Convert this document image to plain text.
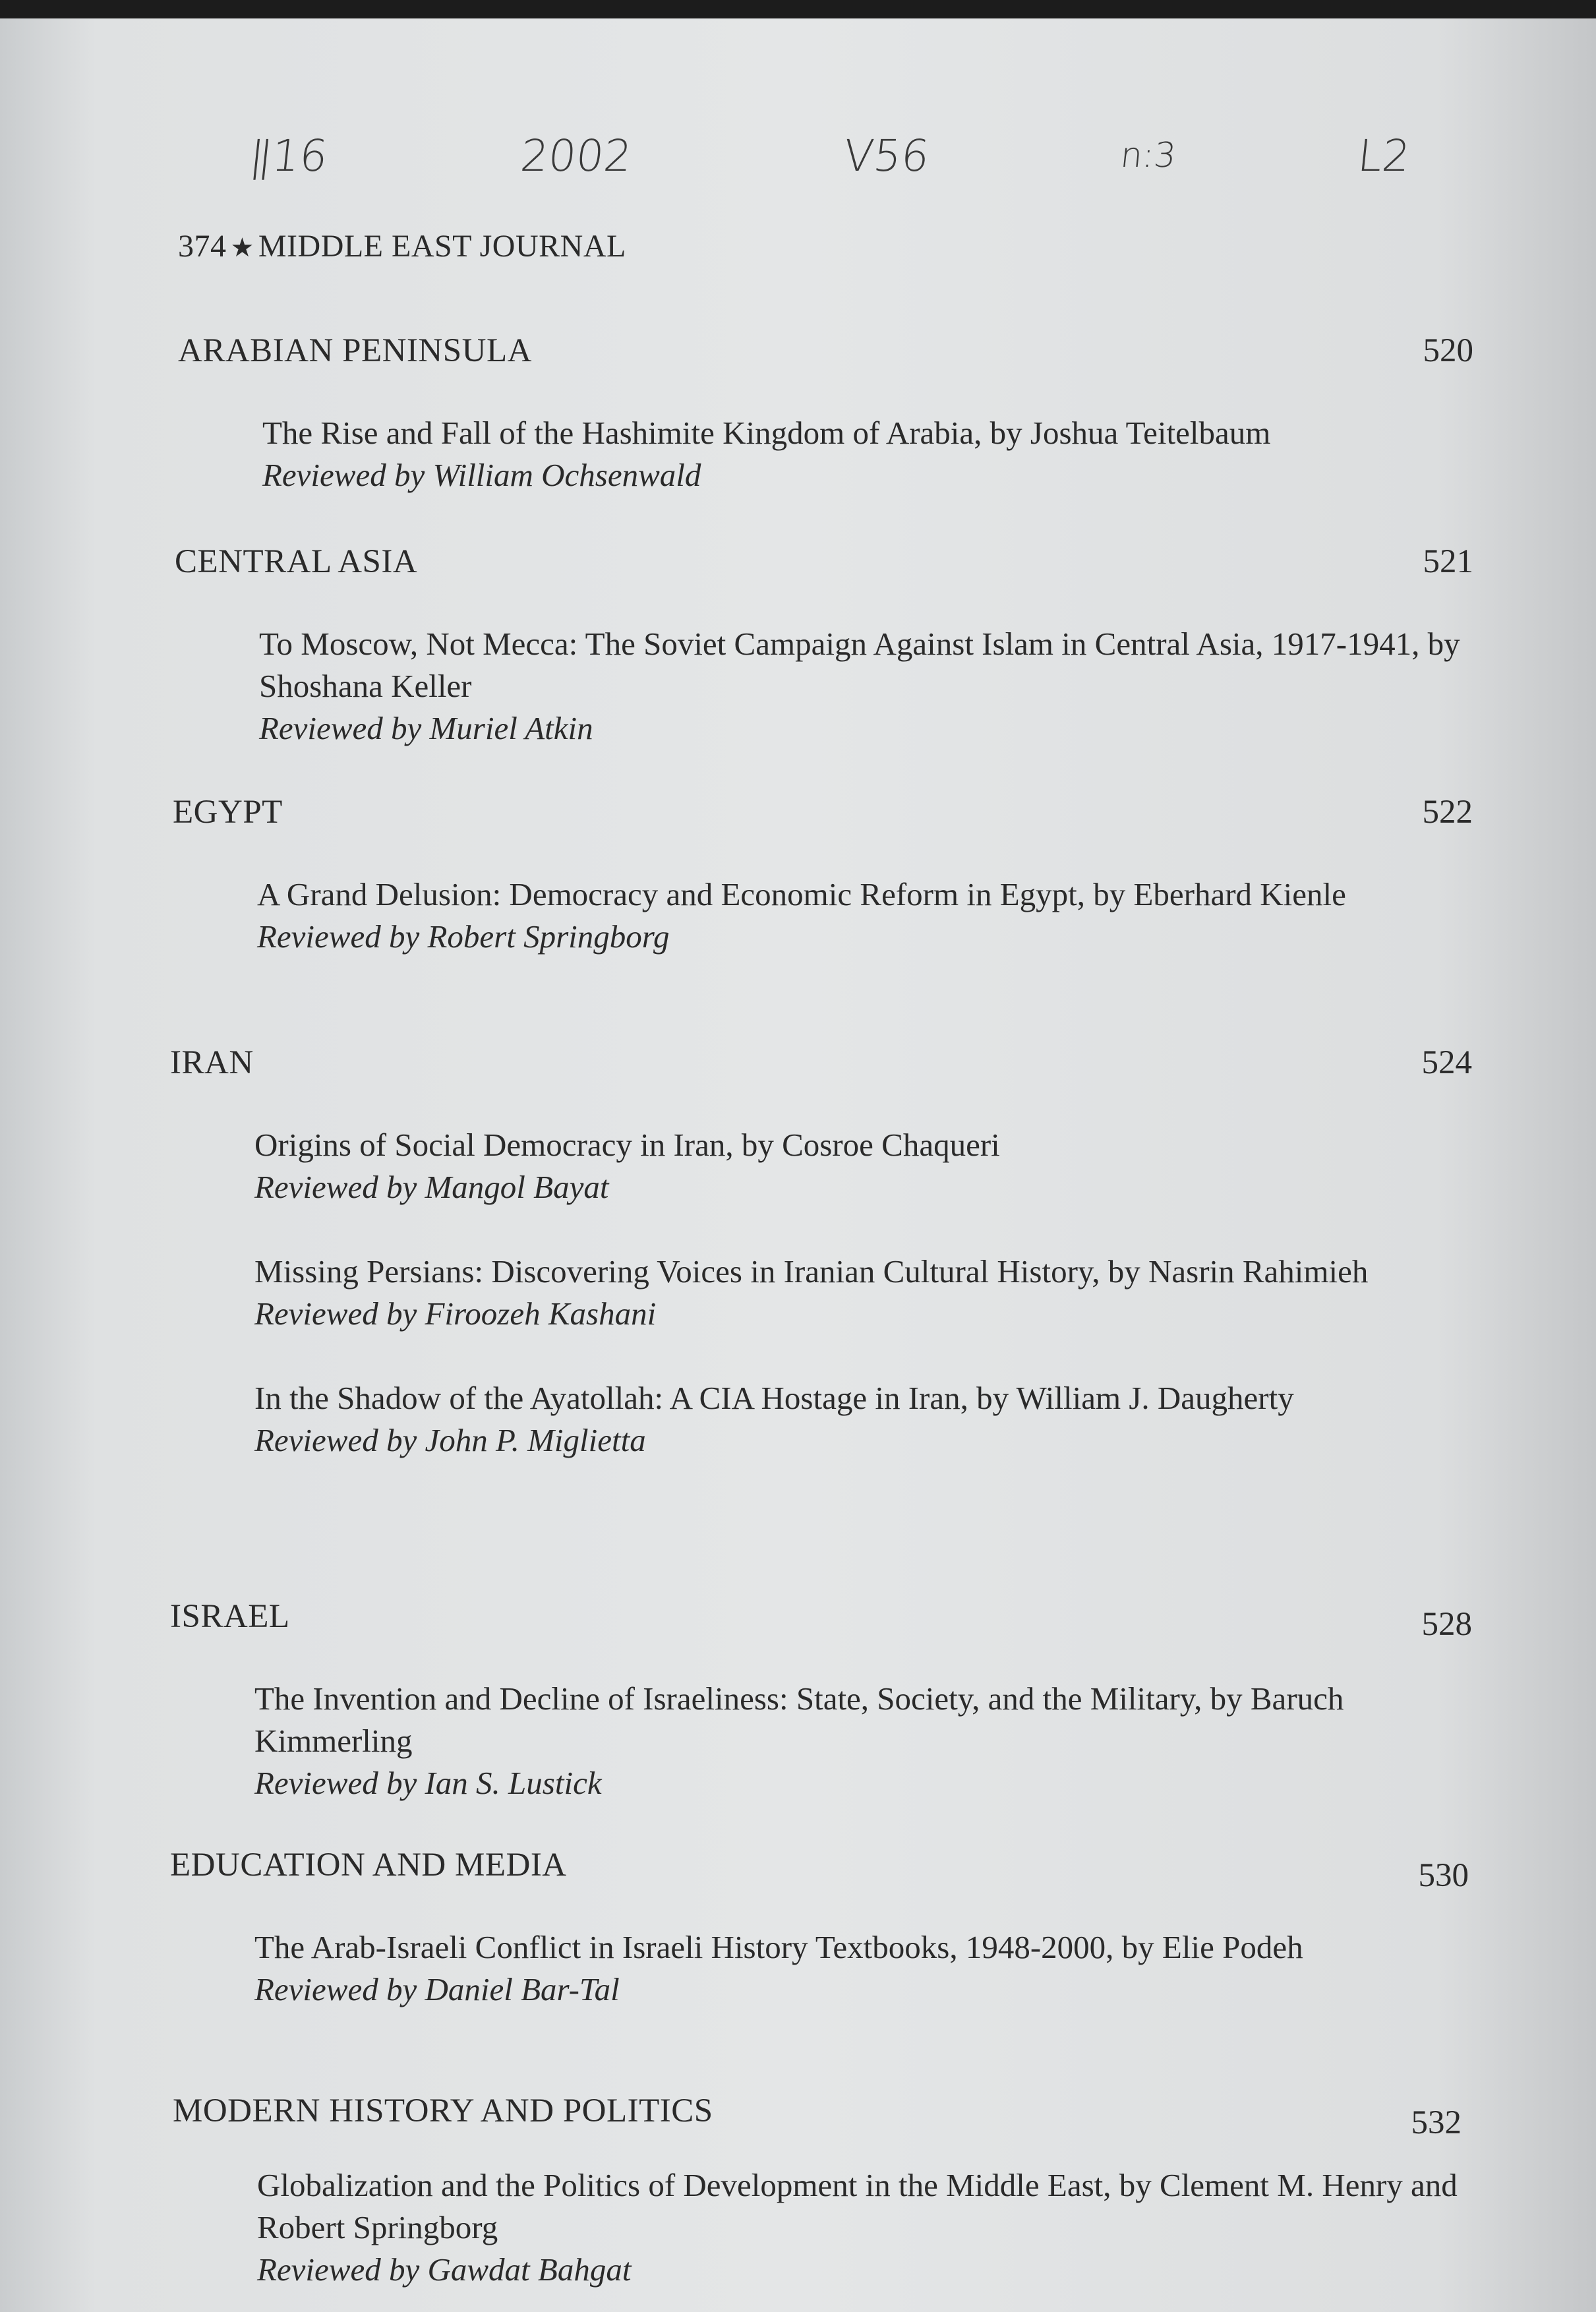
ǁ16	2002	V56	n:3	L2
374 ★ MIDDLE EAST JOURNAL
ARABIAN PENINSULA	520
The Rise and Fall of the Hashimite Kingdom of Arabia, by Joshua Teitelbaum
Reviewed by William Ochsenwald
CENTRAL ASIA	521
To Moscow, Not Mecca: The Soviet Campaign Against Islam in Central Asia, 1917-1941, by Shoshana Keller
Reviewed by Muriel Atkin
EGYPT	522
A Grand Delusion: Democracy and Economic Reform in Egypt, by Eberhard Kienle
Reviewed by Robert Springborg
IRAN	524
Origins of Social Democracy in Iran, by Cosroe Chaqueri
Reviewed by Mangol Bayat
Missing Persians: Discovering Voices in Iranian Cultural History, by Nasrin Rahimieh
Reviewed by Firoozeh Kashani
In the Shadow of the Ayatollah: A CIA Hostage in Iran, by William J. Daugherty
Reviewed by John P. Miglietta
ISRAEL	528
The Invention and Decline of Israeliness: State, Society, and the Military, by Baruch Kimmerling
Reviewed by Ian S. Lustick
EDUCATION AND MEDIA	530
The Arab-Israeli Conflict in Israeli History Textbooks, 1948-2000, by Elie Podeh
Reviewed by Daniel Bar-Tal
MODERN HISTORY AND POLITICS	532
Globalization and the Politics of Development in the Middle East, by Clement M. Henry and Robert Springborg
Reviewed by Gawdat Bahgat
